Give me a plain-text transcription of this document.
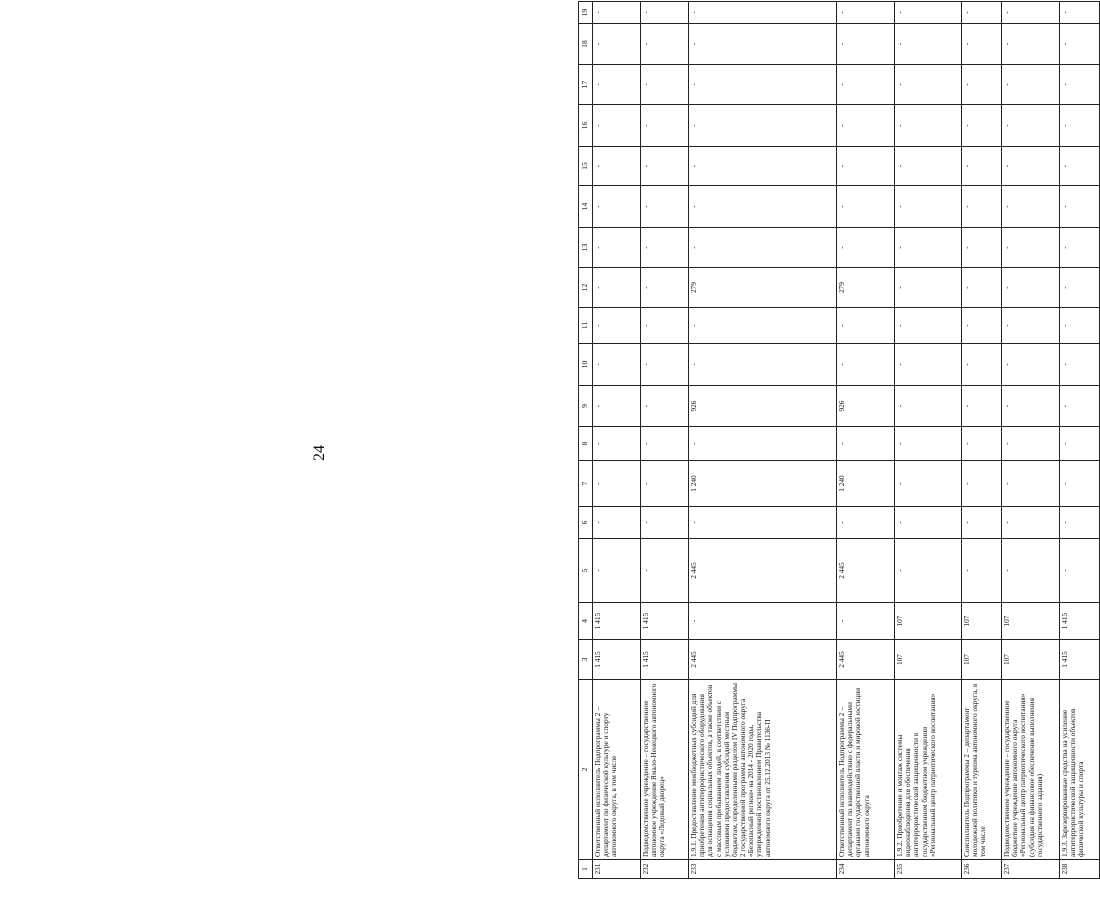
24
1	2	3	4	5	6	7	8	9	10	11	12	13	14	15	16	17	18	19
231	Ответственный исполнитель Подпрограммы 2 – департамент по физической культуре и спорту автономного округа, в том числе	1 415	1 415	-	-	-	-	-	-	-	-	-	-	-	-	-	-	-
232	Подведомственное учреждение – государственное автономное учреждение Ямало-Ненецкого автономного округа «Ледовый дворец»	1 415	1 415	-	-	-	-	-	-	-	-	-	-	-	-	-	-	-
233	1.9.1. Предоставление межбюджетных субсидий для приобретения антитеррористического оборудования для оснащения социальных объектов, а также объектов с массовым пребыванием людей, в соответствии с условиями предоставления субсидий местным бюджетам, определенными разделом IV Подпрограммы 2 государственной программы автономного округа «Безопасный регион» на 2014 - 2020 годы, утвержденной постановлением Правительства автономного округа от 25.12.2013 № 1136-П	2 445	-	2 445	-	1 240	-	926	-	-	279	-	-	-	-	-	-	-
234	Ответственный исполнитель Подпрограммы 2 – департамент по взаимодействию с федеральными органами государственной власти и мировой юстиции автономного округа	2 445	-	2 445	-	1 240	-	926	-	-	279	-	-	-	-	-	-	-
235	1.9.2. Приобретение и монтаж системы видеонаблюдения для обеспечения антитеррористической защищенности в государственном бюджетном учреждении «Региональный центр патриотического воспитания»	107	107	-	-	-	-	-	-	-	-	-	-	-	-	-	-	-
236	Соисполнитель Подпрограммы 2 – департамент молодежной политики и туризма автономного округа, в том числе	107	107	-	-	-	-	-	-	-	-	-	-	-	-	-	-	-
237	Подведомственное учреждение – государственное бюджетное учреждение автономного округа «Региональный центр патриотического воспитания» (субсидия на финансовое обеспечение выполнения государственного задания)	107	107	-	-	-	-	-	-	-	-	-	-	-	-	-	-	-
238	1.9.3. Зарезервированные средства на усиление антитеррористической защищенности объектов физической культуры и спорта	1 415	1 415	-	-	-	-	-	-	-	-	-	-	-	-	-	-	-
